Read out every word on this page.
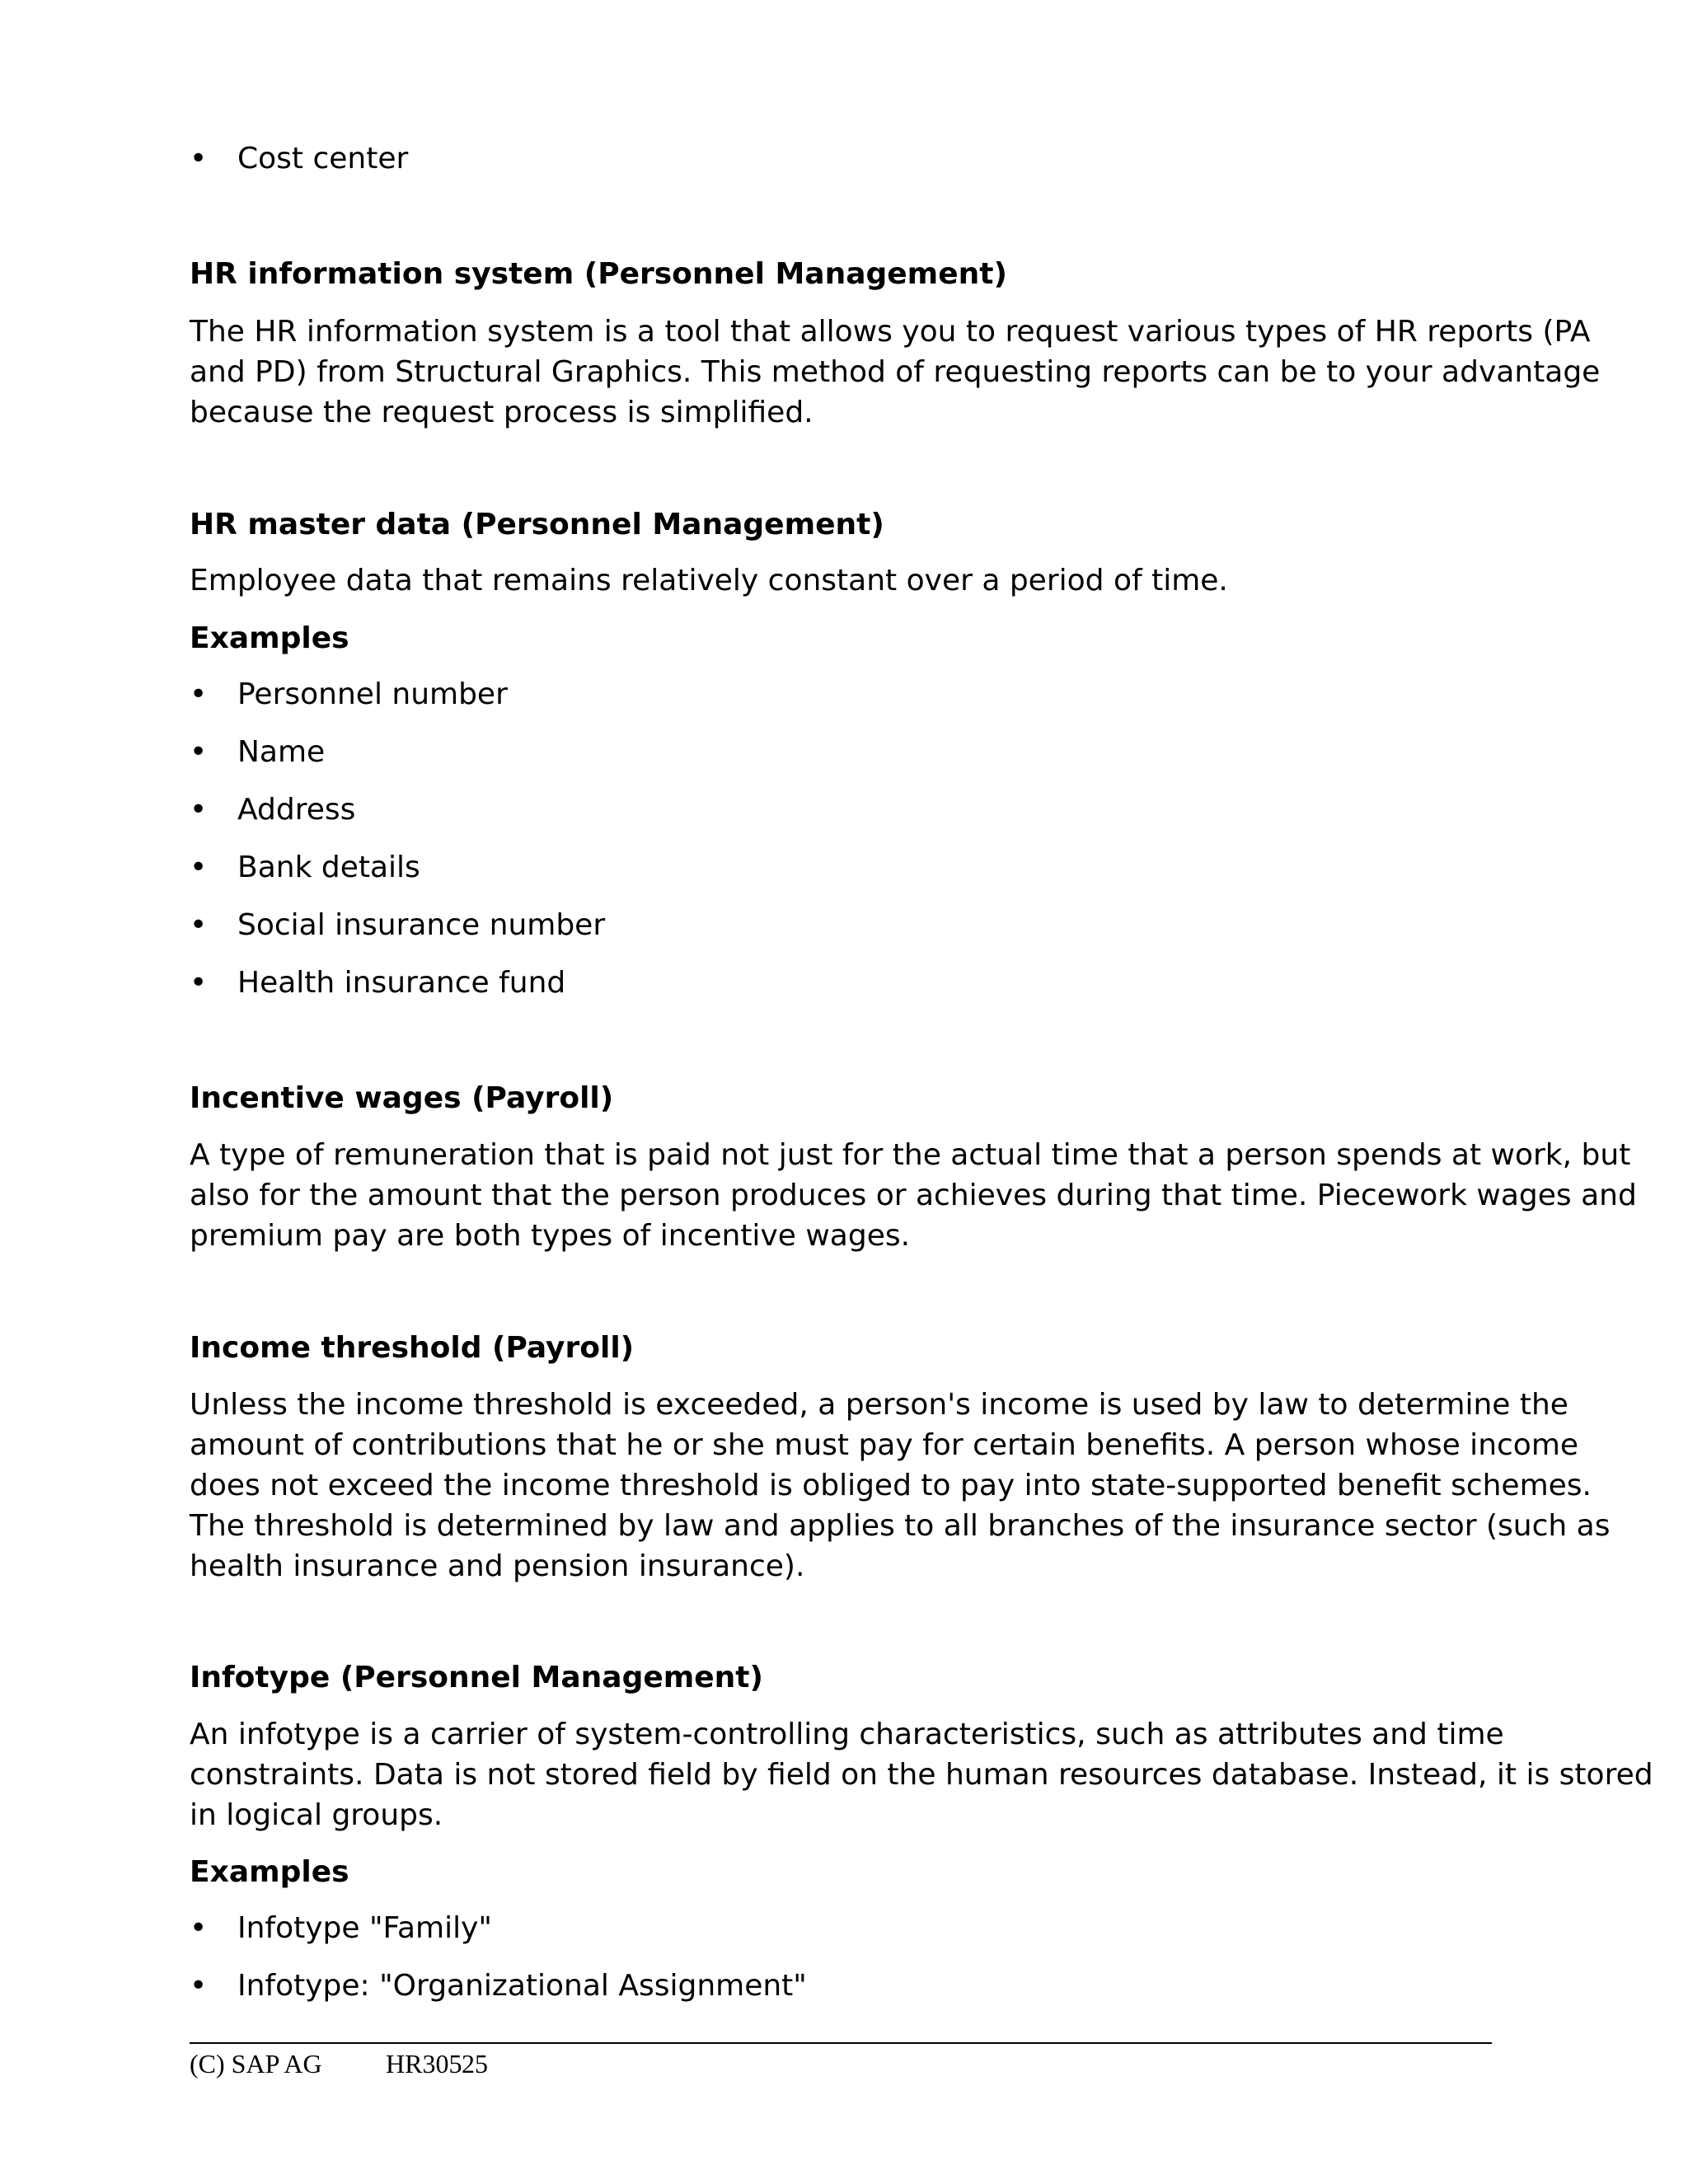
•	Cost center
HR information system (Personnel Management)
The HR information system is a tool that allows you to request various types of HR reports (PA
and PD) from Structural Graphics. This method of requesting reports can be to your advantage
because the request process is simplified.
HR master data (Personnel Management)
Employee data that remains relatively constant over a period of time.
Examples
•	Personnel number
•	Name
•	Address
•	Bank details
•	Social insurance number
•	Health insurance fund
Incentive wages (Payroll)
A type of remuneration that is paid not just for the actual time that a person spends at work, but
also for the amount that the person produces or achieves during that time. Piecework wages and
premium pay are both types of incentive wages.
Income threshold (Payroll)
Unless the income threshold is exceeded, a person's income is used by law to determine the
amount of contributions that he or she must pay for certain benefits. A person whose income
does not exceed the income threshold is obliged to pay into state-supported benefit schemes.
The threshold is determined by law and applies to all branches of the insurance sector (such as
health insurance and pension insurance).
Infotype (Personnel Management)
An infotype is a carrier of system-controlling characteristics, such as attributes and time
constraints. Data is not stored field by field on the human resources database. Instead, it is stored
in logical groups.
Examples
•	Infotype "Family"
•	Infotype: "Organizational Assignment"
(C) SAP AG HR30525
